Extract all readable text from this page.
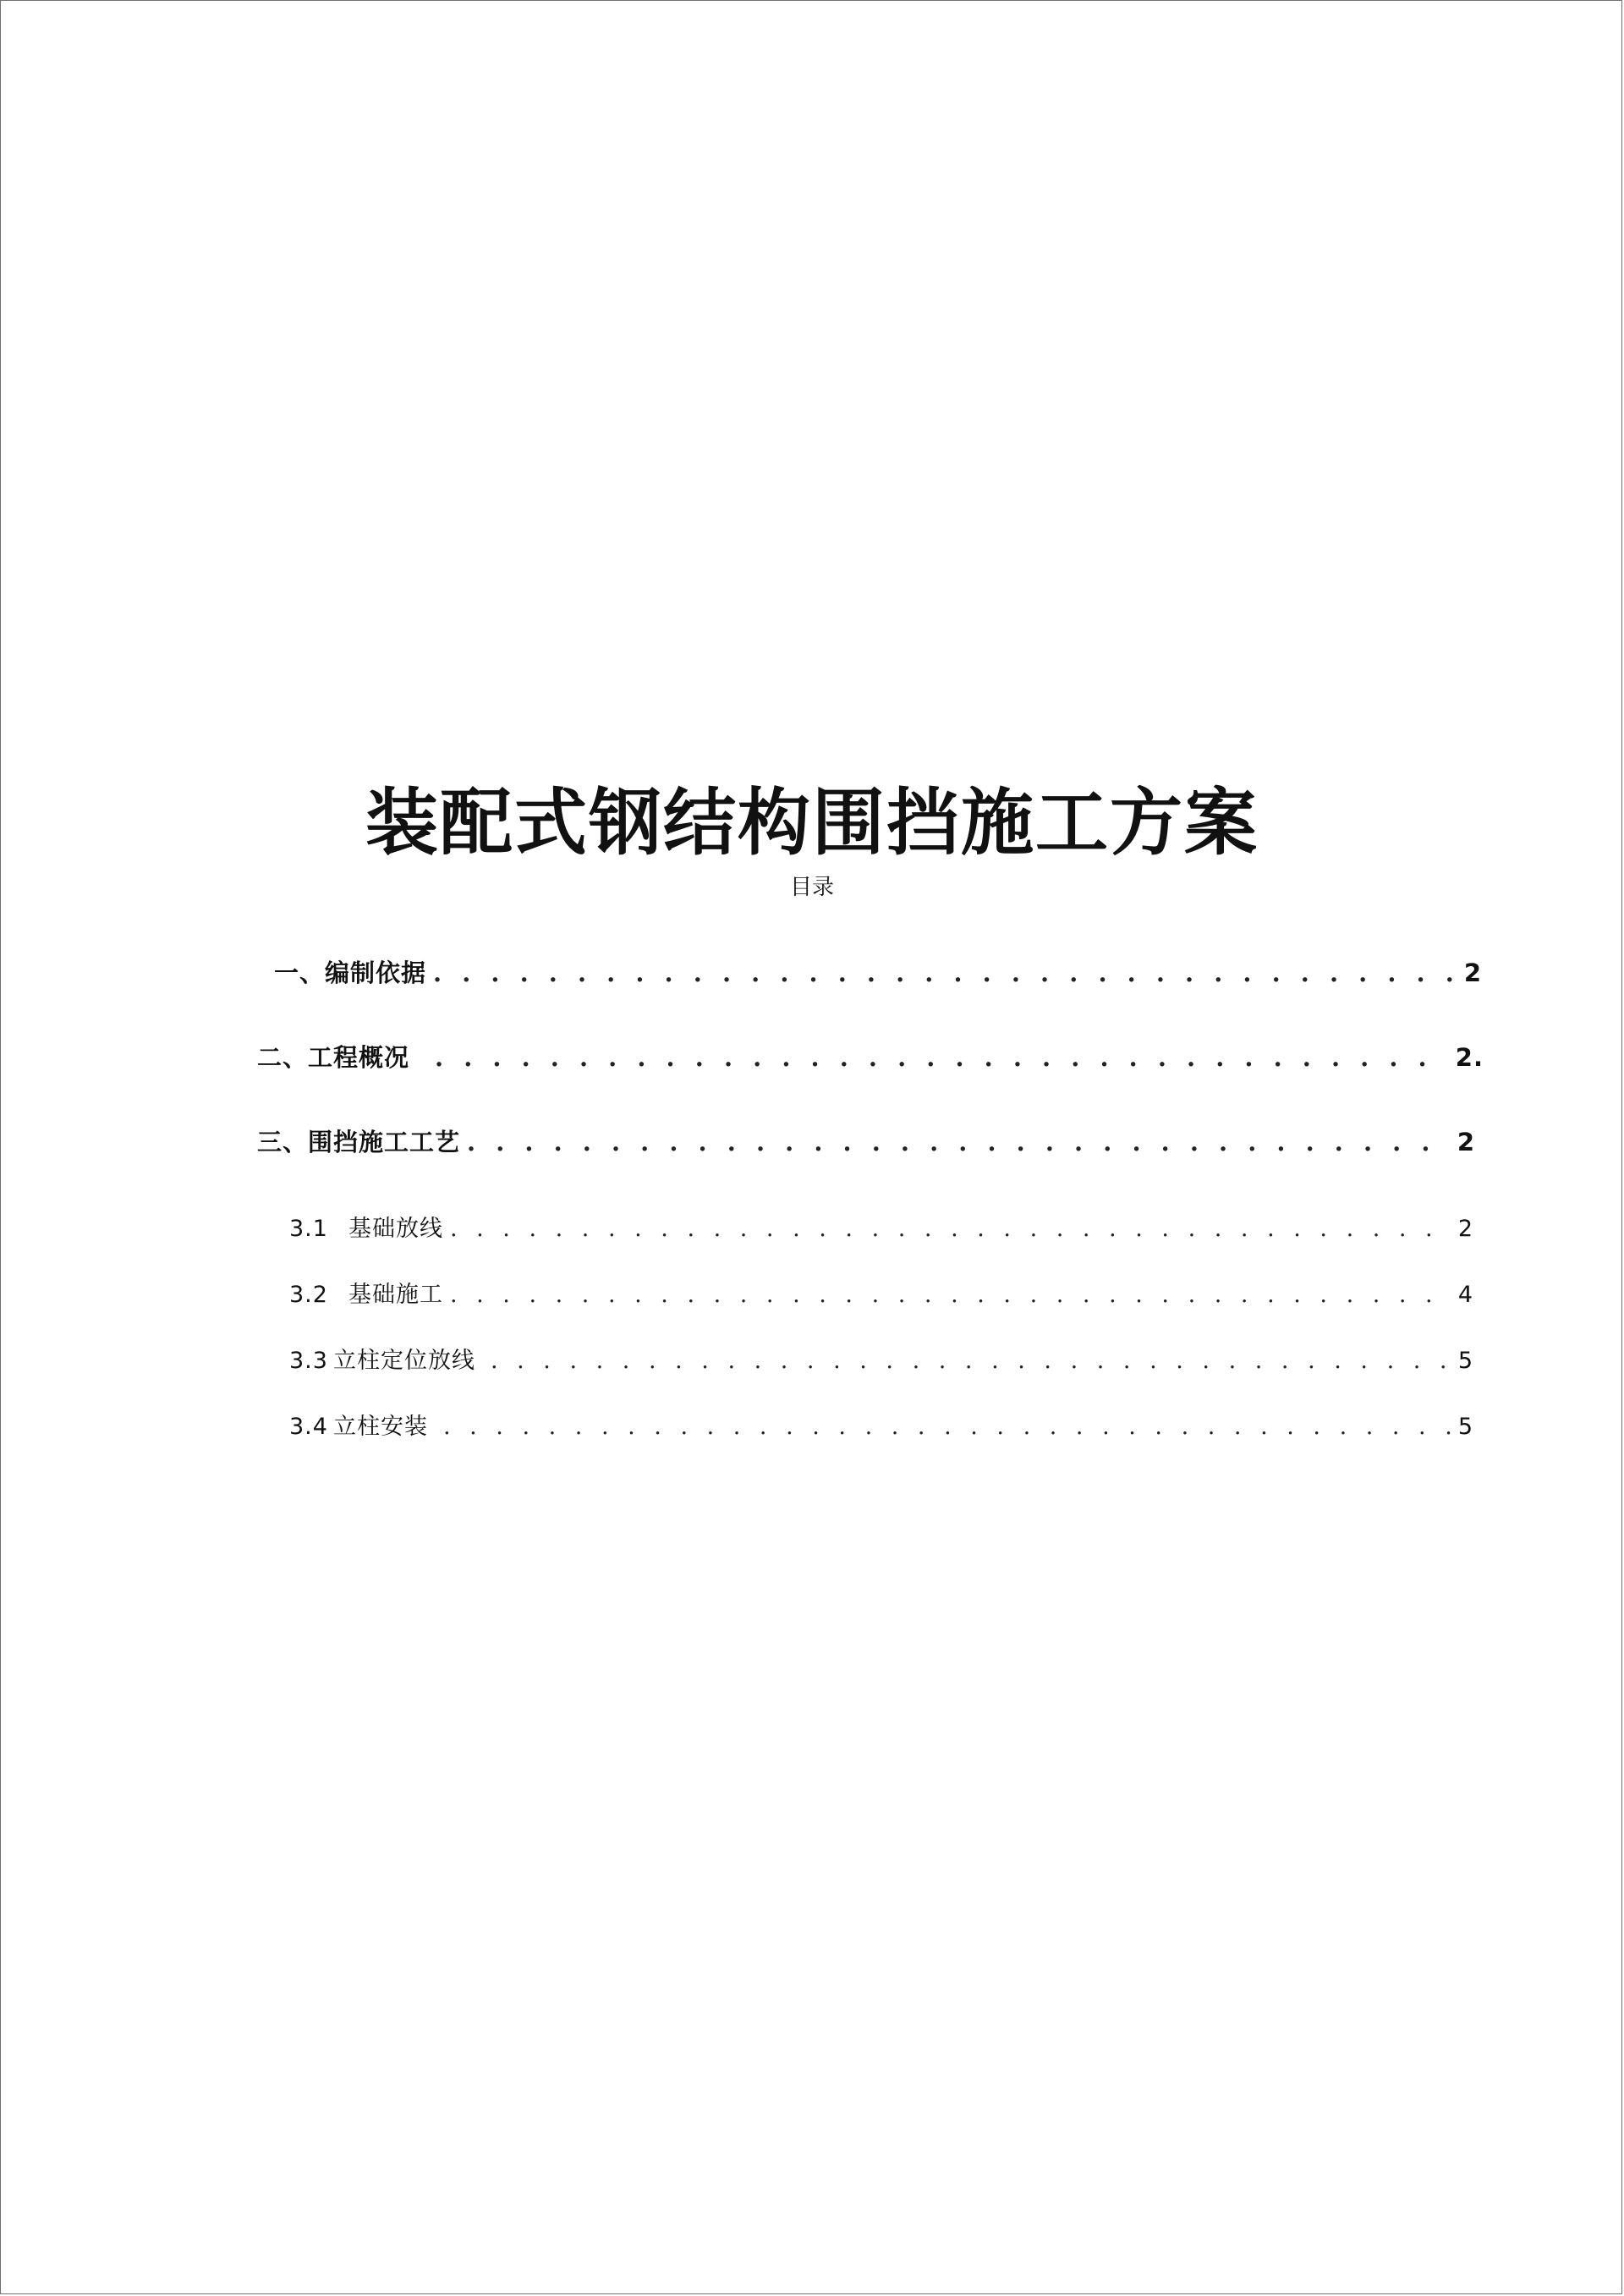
装配式钢结构围挡施工方案
目录
一、编制依据 . . .	2
二、工程概况 . . .	2.
三、围挡施工工艺 . . .	2
3.1 基础放线 . . .	2
3.2 基础施工 . . .	4
3.3 立柱定位放线 . . .	5
3.4 立柱安装 . . .	5
